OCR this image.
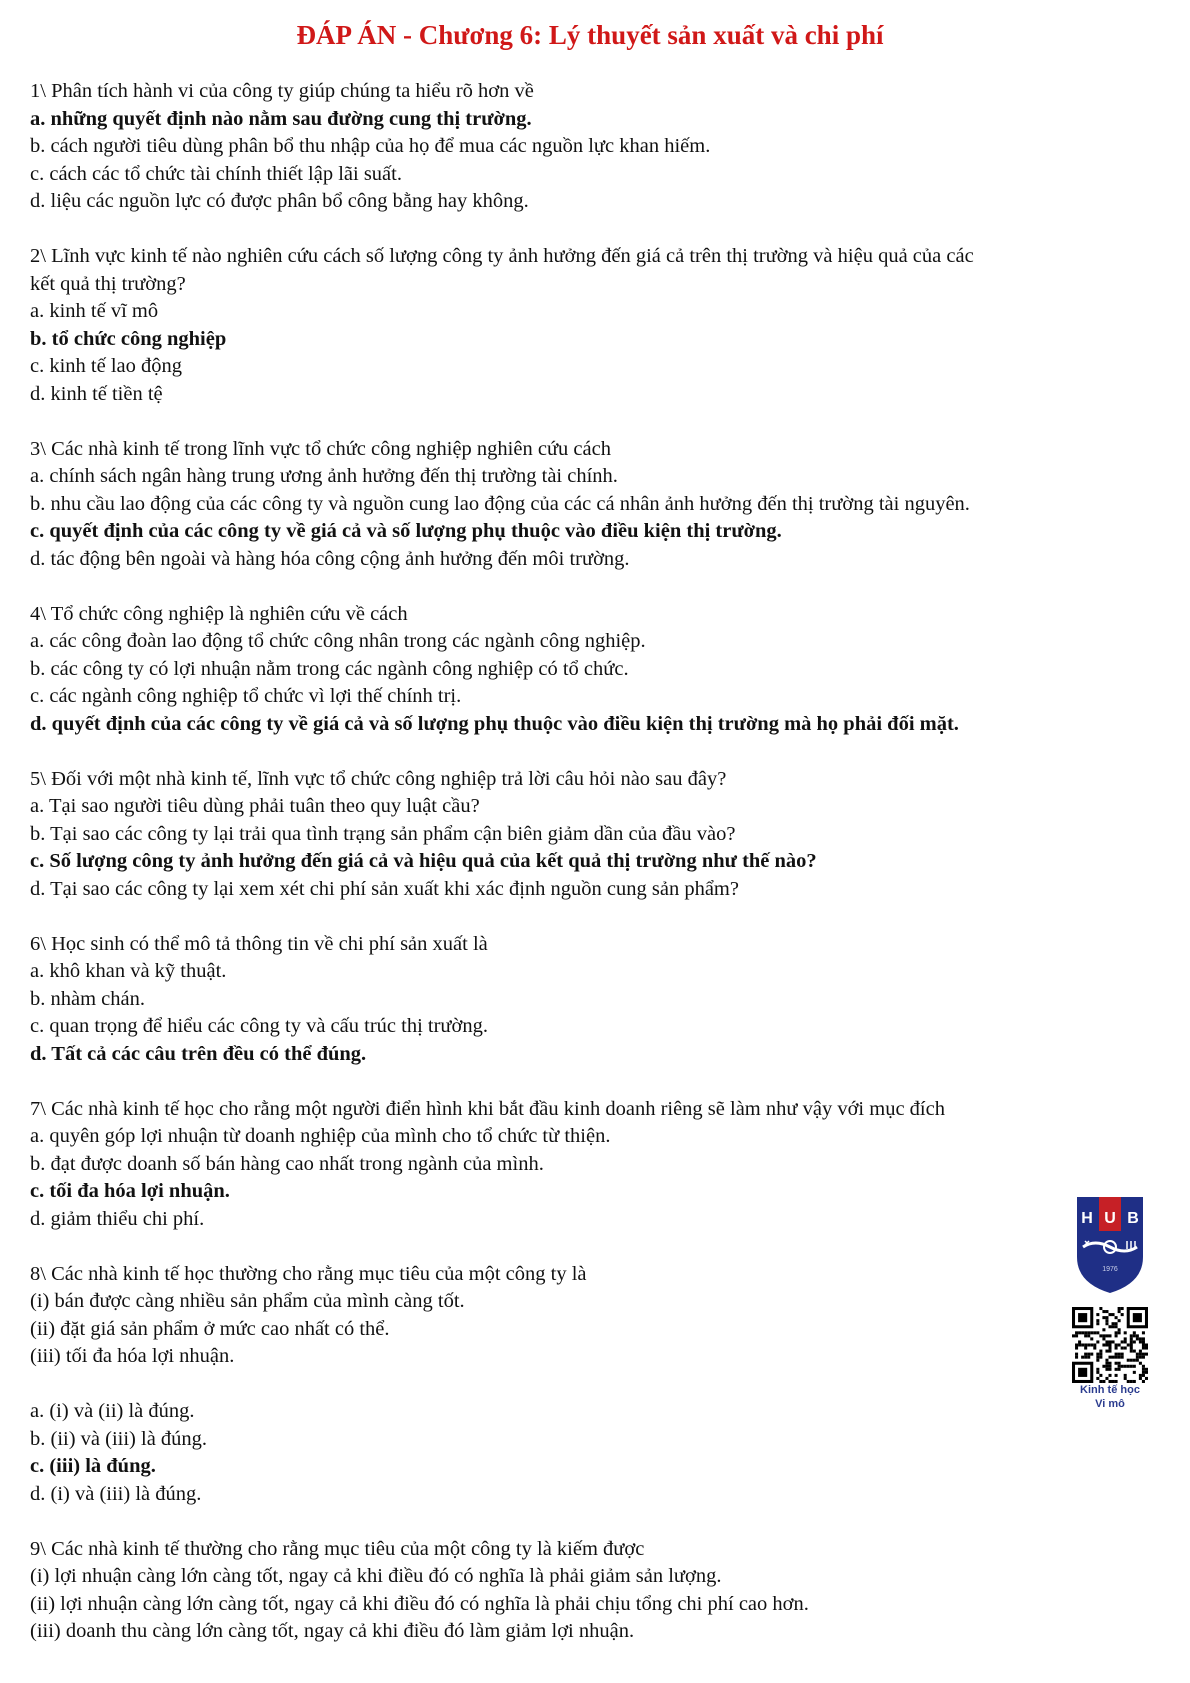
ĐÁP ÁN - Chương 6: Lý thuyết sản xuất và chi phí
1\ Phân tích hành vi của công ty giúp chúng ta hiểu rõ hơn về
a. những quyết định nào nằm sau đường cung thị trường.
b. cách người tiêu dùng phân bổ thu nhập của họ để mua các nguồn lực khan hiếm.
c. cách các tổ chức tài chính thiết lập lãi suất.
d. liệu các nguồn lực có được phân bổ công bằng hay không.
2\ Lĩnh vực kinh tế nào nghiên cứu cách số lượng công ty ảnh hưởng đến giá cả trên thị trường và hiệu quả của các
kết quả thị trường?
a. kinh tế vĩ mô
b. tổ chức công nghiệp
c. kinh tế lao động
d. kinh tế tiền tệ
3\ Các nhà kinh tế trong lĩnh vực tổ chức công nghiệp nghiên cứu cách
a. chính sách ngân hàng trung ương ảnh hưởng đến thị trường tài chính.
b. nhu cầu lao động của các công ty và nguồn cung lao động của các cá nhân ảnh hưởng đến thị trường tài nguyên.
c. quyết định của các công ty về giá cả và số lượng phụ thuộc vào điều kiện thị trường.
d. tác động bên ngoài và hàng hóa công cộng ảnh hưởng đến môi trường.
4\ Tổ chức công nghiệp là nghiên cứu về cách
a. các công đoàn lao động tổ chức công nhân trong các ngành công nghiệp.
b. các công ty có lợi nhuận nằm trong các ngành công nghiệp có tổ chức.
c. các ngành công nghiệp tổ chức vì lợi thế chính trị.
d. quyết định của các công ty về giá cả và số lượng phụ thuộc vào điều kiện thị trường mà họ phải đối mặt.
5\ Đối với một nhà kinh tế, lĩnh vực tổ chức công nghiệp trả lời câu hỏi nào sau đây?
a. Tại sao người tiêu dùng phải tuân theo quy luật cầu?
b. Tại sao các công ty lại trải qua tình trạng sản phẩm cận biên giảm dần của đầu vào?
c. Số lượng công ty ảnh hưởng đến giá cả và hiệu quả của kết quả thị trường như thế nào?
d. Tại sao các công ty lại xem xét chi phí sản xuất khi xác định nguồn cung sản phẩm?
6\ Học sinh có thể mô tả thông tin về chi phí sản xuất là
a. khô khan và kỹ thuật.
b. nhàm chán.
c. quan trọng để hiểu các công ty và cấu trúc thị trường.
d. Tất cả các câu trên đều có thể đúng.
7\ Các nhà kinh tế học cho rằng một người điển hình khi bắt đầu kinh doanh riêng sẽ làm như vậy với mục đích
a. quyên góp lợi nhuận từ doanh nghiệp của mình cho tổ chức từ thiện.
b. đạt được doanh số bán hàng cao nhất trong ngành của mình.
c. tối đa hóa lợi nhuận.
d. giảm thiểu chi phí.
8\ Các nhà kinh tế học thường cho rằng mục tiêu của một công ty là
(i) bán được càng nhiều sản phẩm của mình càng tốt.
(ii) đặt giá sản phẩm ở mức cao nhất có thể.
(iii) tối đa hóa lợi nhuận.
a. (i) và (ii) là đúng.
b. (ii) và (iii) là đúng.
c. (iii) là đúng.
d. (i) và (iii) là đúng.
9\ Các nhà kinh tế thường cho rằng mục tiêu của một công ty là kiếm được
(i) lợi nhuận càng lớn càng tốt, ngay cả khi điều đó có nghĩa là phải giảm sản lượng.
(ii) lợi nhuận càng lớn càng tốt, ngay cả khi điều đó có nghĩa là phải chịu tổng chi phí cao hơn.
(iii) doanh thu càng lớn càng tốt, ngay cả khi điều đó làm giảm lợi nhuận.
H U B
1976
Kinh tế học
Vi mô
